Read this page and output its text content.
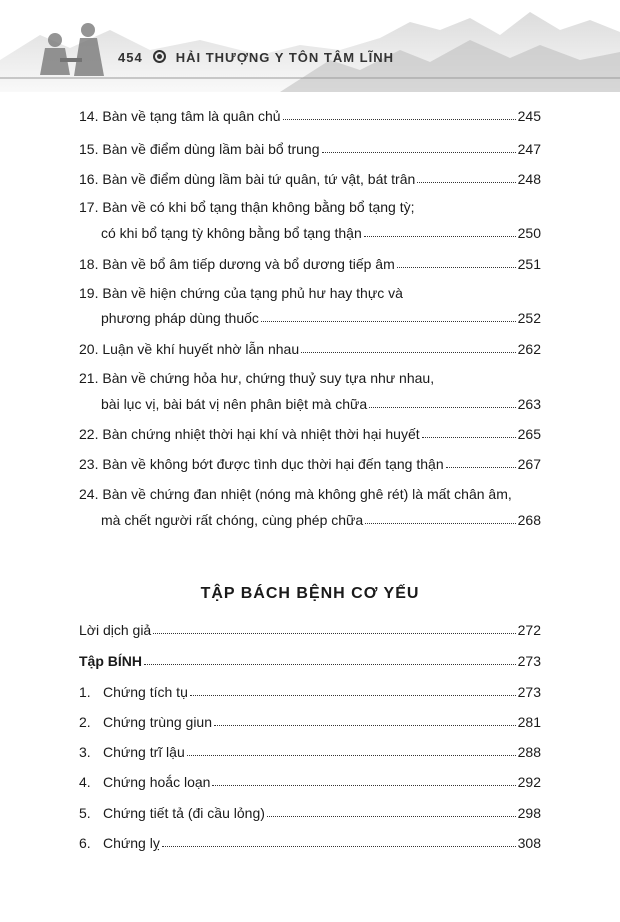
454	HẢI THƯỢNG Y TÔN TÂM LĨNH
14. Bàn về tạng tâm là quân chủ	245
15. Bàn về điểm dùng lầm bài bổ trung	247
16. Bàn về điểm dùng lầm bài tứ quân, tứ vật, bát trân	248
17. Bàn về có khi bổ tạng thận không bằng bổ tạng tỳ;
có khi bổ tạng tỳ không bằng bổ tạng thận	250
18. Bàn về bổ âm tiếp dương và bổ dương tiếp âm	251
19. Bàn về hiện chứng của tạng phủ hư hay thực và
phương pháp dùng thuốc	252
20. Luận về khí huyết nhờ lẫn nhau	262
21. Bàn về chứng hỏa hư, chứng thuỷ suy tựa như nhau,
bài lục vị, bài bát vị nên phân biệt mà chữa	263
22. Bàn chứng nhiệt thời hại khí và nhiệt thời hại huyết	265
23. Bàn về không bớt được tình dục thời hại đến tạng thận	267
24. Bàn về chứng đan nhiệt (nóng mà không ghê rét) là mất chân âm,
mà chết người rất chóng, cùng phép chữa	268
TẬP BÁCH BỆNH CƠ YẾU
Lời dịch giả	272
Tập BÍNH	273
1. Chứng tích tụ	273
2. Chứng trùng giun	281
3. Chứng trĩ lậu	288
4. Chứng hoắc loạn	292
5. Chứng tiết tả (đi cầu lỏng)	298
6. Chứng lỵ	308
